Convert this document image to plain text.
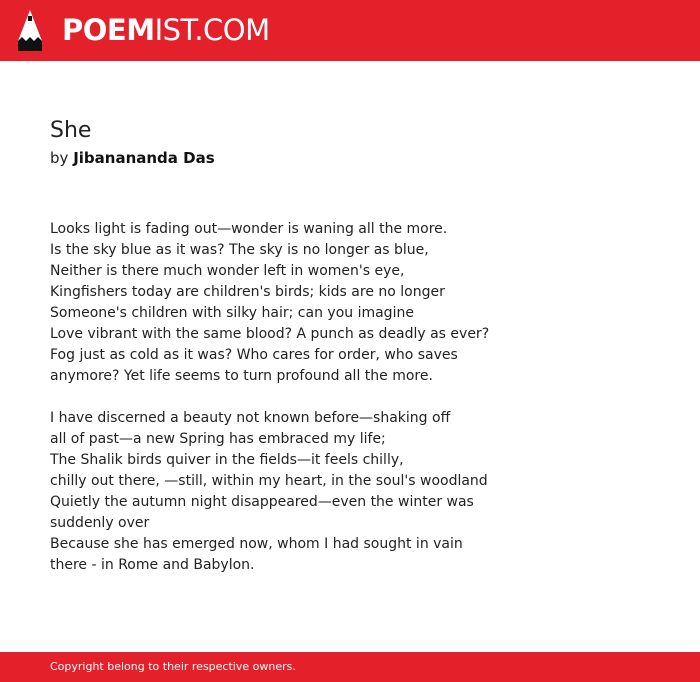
POEMIST.COM
She
by Jibanananda Das
Looks light is fading out—wonder is waning all the more.
Is the sky blue as it was? The sky is no longer as blue,
Neither is there much wonder left in women's eye,
Kingfishers today are children's birds; kids are no longer
Someone's children with silky hair; can you imagine
Love vibrant with the same blood? A punch as deadly as ever?
Fog just as cold as it was? Who cares for order, who saves
anymore? Yet life seems to turn profound all the more.
I have discerned a beauty not known before—shaking off
all of past—a new Spring has embraced my life;
The Shalik birds quiver in the fields—it feels chilly,
chilly out there, —still, within my heart, in the soul's woodland
Quietly the autumn night disappeared—even the winter was
suddenly over
Because she has emerged now, whom I had sought in vain
there - in Rome and Babylon.
Copyright belong to their respective owners.
